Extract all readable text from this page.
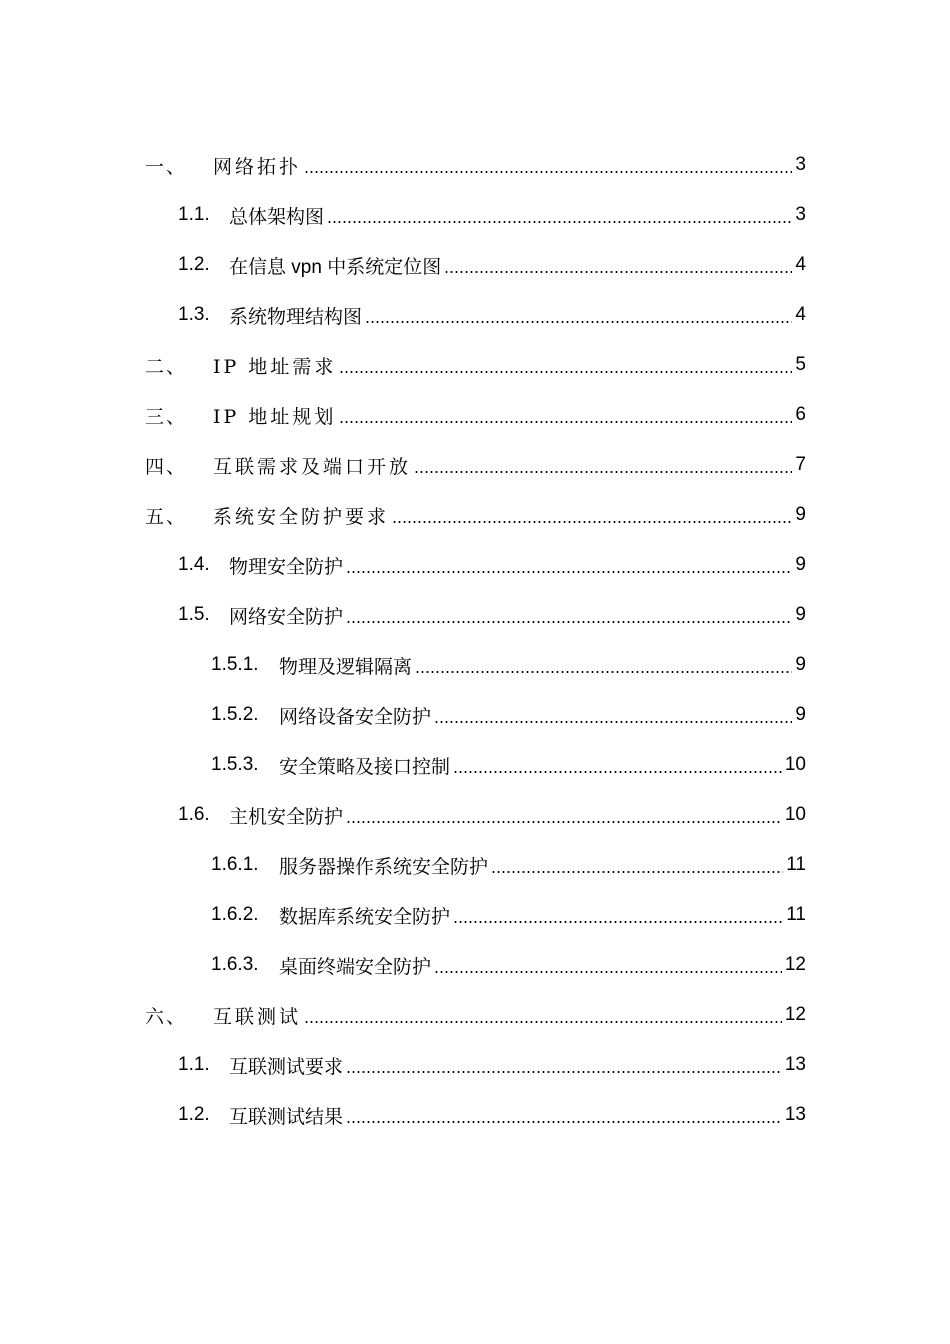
一、	网络拓扑	3
1.1.	总体架构图	3
1.2.	在信息 vpn 中系统定位图	4
1.3.	系统物理结构图	4
二、	IP 地址需求	5
三、	IP 地址规划	6
四、	互联需求及端口开放	7
五、	系统安全防护要求	9
1.4.	物理安全防护	9
1.5.	网络安全防护	9
1.5.1.	物理及逻辑隔离	9
1.5.2.	网络设备安全防护	9
1.5.3.	安全策略及接口控制	10
1.6.	主机安全防护	10
1.6.1.	服务器操作系统安全防护	11
1.6.2.	数据库系统安全防护	11
1.6.3.	桌面终端安全防护	12
六、	互联测试	12
1.1.	互联测试要求	13
1.2.	互联测试结果	13
